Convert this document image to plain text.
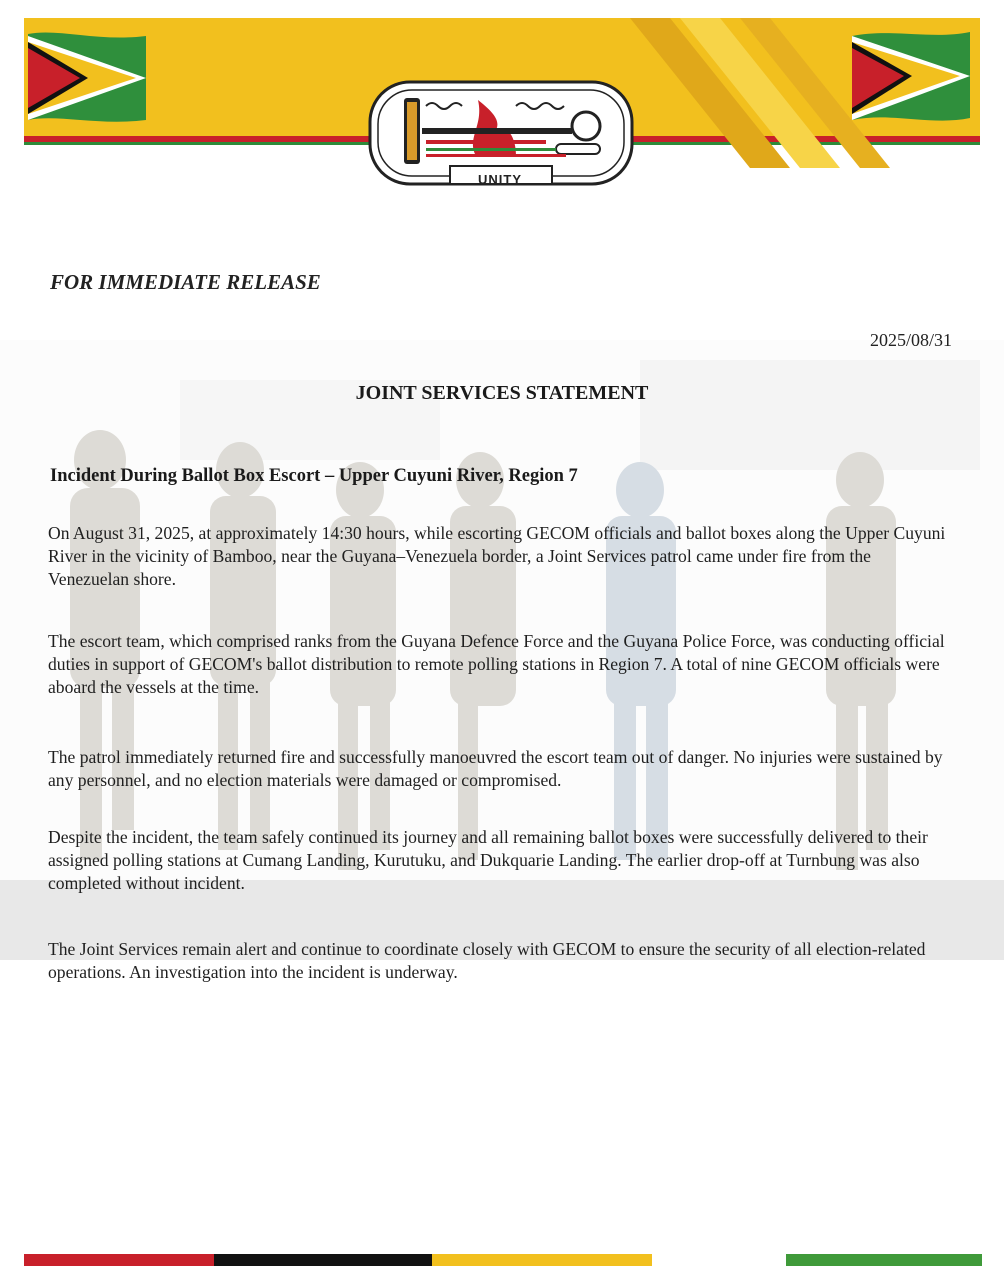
UNITY
FOR IMMEDIATE RELEASE
2025/08/31
JOINT SERVICES STATEMENT
Incident During Ballot Box Escort – Upper Cuyuni River, Region 7

On August 31, 2025, at approximately 14:30 hours, while escorting GECOM officials and ballot boxes along the Upper Cuyuni River in the vicinity of Bamboo, near the Guyana–Venezuela border, a Joint Services patrol came under fire from the Venezuelan shore.

The escort team, which comprised ranks from the Guyana Defence Force and the Guyana Police Force, was conducting official duties in support of GECOM's ballot distribution to remote polling stations in Region 7. A total of nine GECOM officials were aboard the vessels at the time.

The patrol immediately returned fire and successfully manoeuvred the escort team out of danger. No injuries were sustained by any personnel, and no election materials were damaged or compromised.

Despite the incident, the team safely continued its journey and all remaining ballot boxes were successfully delivered to their assigned polling stations at Cumang Landing, Kurutuku, and Dukquarie Landing. The earlier drop-off at Turnbung was also completed without incident.

The Joint Services remain alert and continue to coordinate closely with GECOM to ensure the security of all election-related operations. An investigation into the incident is underway.
